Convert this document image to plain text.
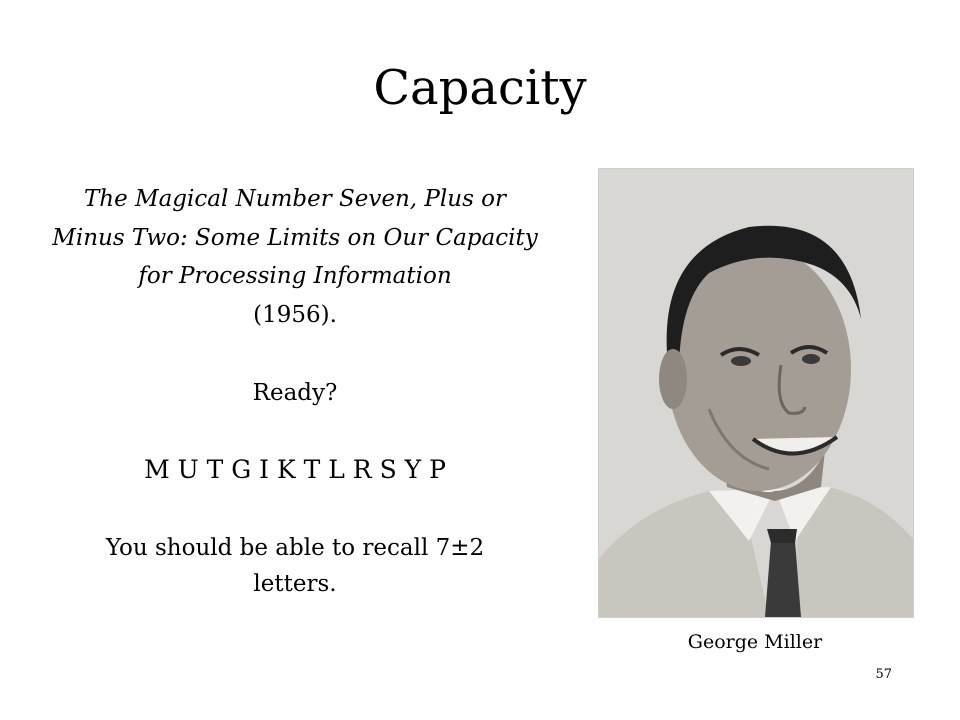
Capacity
The Magical Number Seven, Plus or Minus Two: Some Limits on Our Capacity for Processing Information
(1956).
Ready?
M U T G I K T L R S Y P
You should be able to recall 7±2 letters.
George Miller
57
